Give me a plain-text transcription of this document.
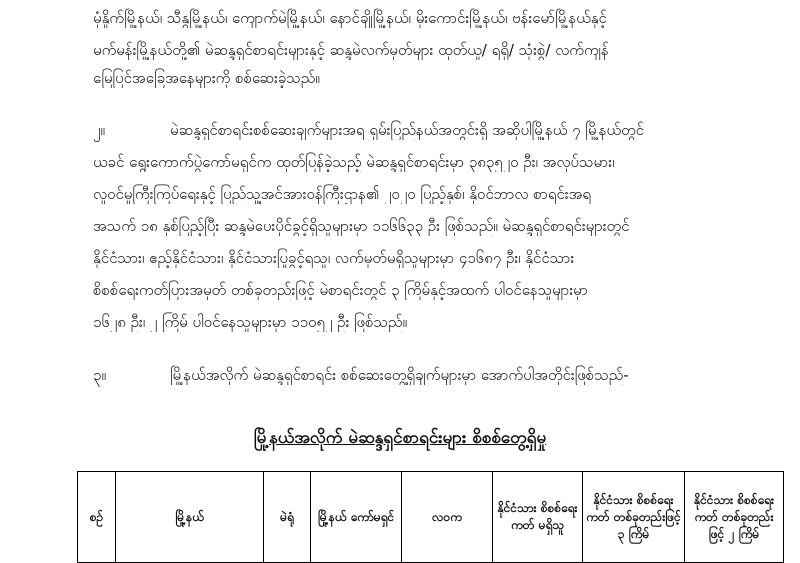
မုံနှိုက်မြို့နယ်၊ သီနွမြို့နယ်၊ ကျောက်မဲမြို့နယ်၊ နောင်ချိုမြို့နယ်၊ မိုးကောင်းမြို့နယ်၊ ဗန်းမော်မြို့နယ်နှင့်
မက်မန်းမြို့နယ်တို့၏ မဲဆန္ဒရှင်စာရင်းများနှင့် ဆန္ဒမဲလက်မှတ်များ ထုတ်ယူ/ ရရှိ/ သုံးစွဲ/ လက်ကျန်
မြေပြင်အခြေအနေများကို စစ်ဆေးခဲ့သည်။
၂။	မဲဆန္ဒရှင်စာရင်းစစ်ဆေးချက်များအရ ရှမ်းပြည်နယ်အတွင်းရှိ အဆိုပါမြို့နယ် ၇ မြို့နယ်တွင်
ယခင် ရွေးကောက်ပွဲကော်မရှင်က ထုတ်ပြန်ခဲ့သည့် မဲဆန္ဒရှင်စာရင်းမှာ ၃၈၃၅၂၀ ဦး၊ အလုပ်သမား၊
လူဝင်မှုကြီးကြပ်ရေးနှင့် ပြည်သူ့အင်အားဝန်ကြီးဌာန၏ ၂၀၂၀ ပြည့်နှစ်၊ နိုဝင်ဘာလ စာရင်းအရ
အသက် ၁၈ နှစ်ပြည့်ပြီး ဆန္ဒမဲပေးပိုင်ခွင့်ရှိသူများမှာ ၁၁၆၆၃၃ ဦး ဖြစ်သည်။ မဲဆန္ဒရှင်စာရင်းများတွင်
နိုင်ငံသား၊ ဧည့်နိုင်ငံသား၊ နိုင်ငံသားပြုခွင့်ရသူ၊ လက်မှတ်မရှိသူများမှာ ၄၁၆၈၇ ဦး၊ နိုင်ငံသား
စိစစ်ရေးကတ်ပြားအမှတ် တစ်ခုတည်းဖြင့် မဲစာရင်းတွင် ၃ ကြိမ်နှင့်အထက် ပါဝင်နေသူများမှာ
၁၆၂၈ ဦး၊ ၂ ကြိမ် ပါဝင်နေသူများမှာ ၁၁၀၅၂ ဦး ဖြစ်သည်။
၃။	မြို့နယ်အလိုက် မဲဆန္ဒရှင်စာရင်း စစ်ဆေးတွေ့ရှိချက်များမှာ အောက်ပါအတိုင်းဖြစ်သည်-
မြို့နယ်အလိုက် မဲဆန္ဒရှင်စာရင်းများ စိစစ်တွေ့ရှိမှု
စဉ်	မြို့နယ်	မဲရုံ	မြို့နယ် ကော်မရှင်	လဝက	နိုင်ငံသား စိစစ်ရေးကတ် မရှိသူ	နိုင်ငံသား စိစစ်ရေးကတ် တစ်ခုတည်းဖြင့် ၃ ကြိမ်	နိုင်ငံသား စိစစ်ရေးကတ် တစ်ခုတည်းဖြင့် ၂ ကြိမ်
